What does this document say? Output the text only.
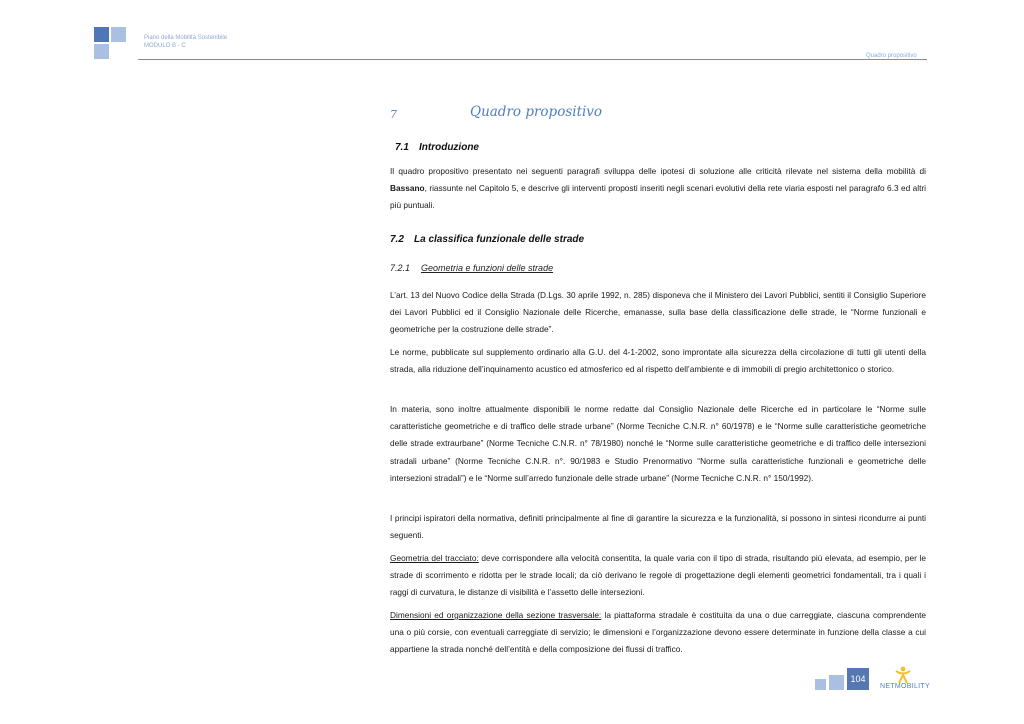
Piano della Mobilità Sostenibile
MODULO B - C
Quadro propositivo
7	Quadro propositivo
7.1 Introduzione
Il quadro propositivo presentato nei seguenti paragrafi sviluppa delle ipotesi di soluzione alle criticità rilevate nel sistema della mobilità di Bassano, riassunte nel Capitolo 5, e descrive gli interventi proposti inseriti negli scenari evolutivi della rete viaria esposti nel paragrafo 6.3 ed altri più puntuali.
7.2 La classifica funzionale delle strade
7.2.1 Geometria e funzioni delle strade
L’art. 13 del Nuovo Codice della Strada (D.Lgs. 30 aprile 1992, n. 285) disponeva che il Ministero dei Lavori Pubblici, sentiti il Consiglio Superiore dei Lavori Pubblici ed il Consiglio Nazionale delle Ricerche, emanasse, sulla base della classificazione delle strade, le “Norme funzionali e geometriche per la costruzione delle strade”.
Le norme, pubblicate sul supplemento ordinario alla G.U. del 4-1-2002, sono improntate alla sicurezza della circolazione di tutti gli utenti della strada, alla riduzione dell’inquinamento acustico ed atmosferico ed al rispetto dell’ambiente e di immobili di pregio architettonico o storico.
In materia, sono inoltre attualmente disponibili le norme redatte dal Consiglio Nazionale delle Ricerche ed in particolare le “Norme sulle caratteristiche geometriche e di traffico delle strade urbane” (Norme Tecniche C.N.R. n° 60/1978) e le “Norme sulle caratteristiche geometriche delle strade extraurbane” (Norme Tecniche C.N.R. n° 78/1980) nonché le “Norme sulle caratteristiche geometriche e di traffico delle intersezioni stradali urbane” (Norme Tecniche C.N.R. n°. 90/1983 e Studio Prenormativo “Norme sulla caratteristiche funzionali e geometriche delle intersezioni stradali”) e le “Norme sull’arredo funzionale delle strade urbane” (Norme Tecniche C.N.R. n° 150/1992).
I principi ispiratori della normativa, definiti principalmente al fine di garantire la sicurezza e la funzionalità, si possono in sintesi ricondurre ai punti seguenti.
Geometria del tracciato: deve corrispondere alla velocità consentita, la quale varia con il tipo di strada, risultando più elevata, ad esempio, per le strade di scorrimento e ridotta per le strade locali; da ciò derivano le regole di progettazione degli elementi geometrici fondamentali, tra i quali i raggi di curvatura, le distanze di visibilità e l’assetto delle intersezioni.
Dimensioni ed organizzazione della sezione trasversale: la piattaforma stradale è costituita da una o due carreggiate, ciascuna comprendente una o più corsie, con eventuali carreggiate di servizio; le dimensioni e l’organizzazione devono essere determinate in funzione della classe a cui appartiene la strada nonché dell’entità e della composizione dei flussi di traffico.
104
NETMOBILITY
